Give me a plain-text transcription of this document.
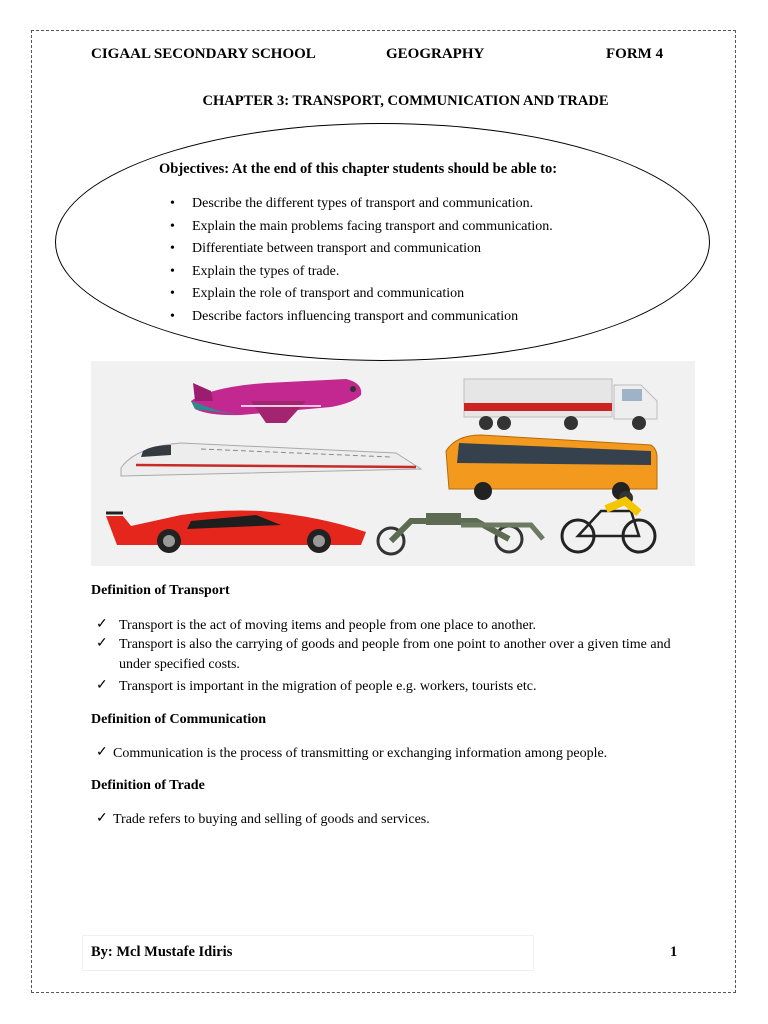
CIGAAL SECONDARY SCHOOL	GEOGRAPHY	FORM 4
CHAPTER 3: TRANSPORT, COMMUNICATION AND TRADE
Objectives: At the end of this chapter students should be able to:
• Describe the different types of transport and communication.
• Explain the main problems facing transport and communication.
• Differentiate between transport and communication
• Explain the types of trade.
• Explain the role of transport and communication
• Describe factors influencing transport and communication
Definition of Transport
✓ Transport is the act of moving items and people from one place to another.
✓ Transport is also the carrying of goods and people from one point to another over a given time and under specified costs.
✓ Transport is important in the migration of people e.g. workers, tourists etc.
Definition of Communication
✓ Communication is the process of transmitting or exchanging information among people.
Definition of Trade
✓ Trade refers to buying and selling of goods and services.
By: Mcl Mustafe Idiris	1
